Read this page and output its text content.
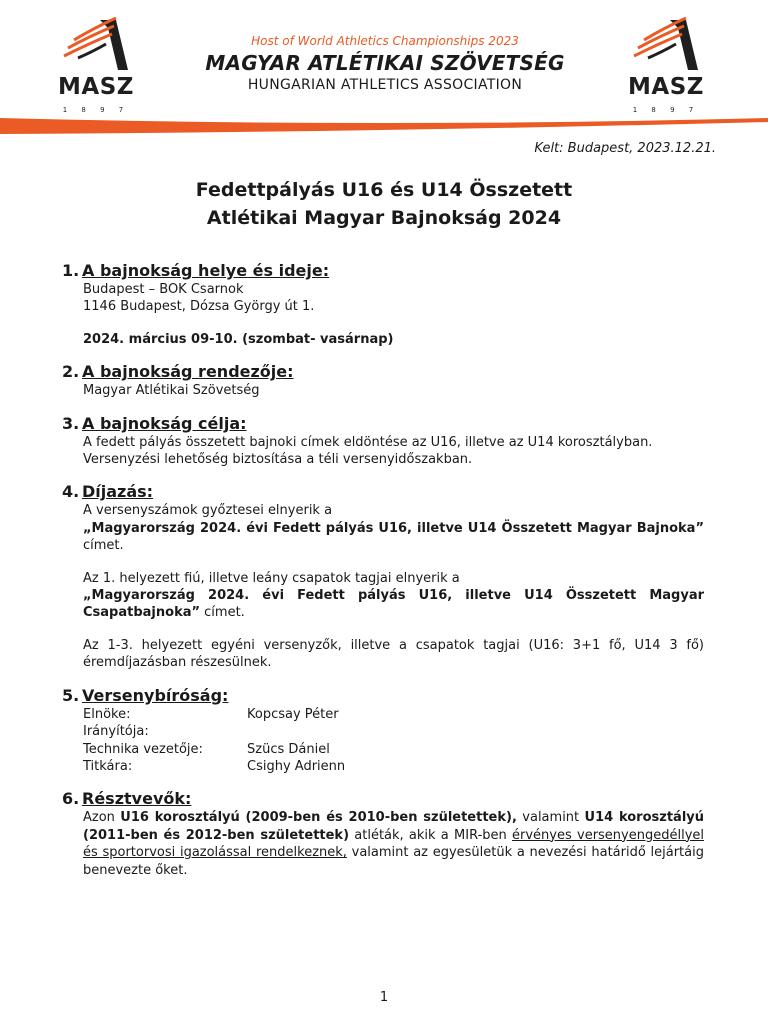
MASZ
1 8 9 7
MASZ
1 8 9 7
Host of World Athletics Championships 2023
MAGYAR ATLÉTIKAI SZÖVETSÉG
HUNGARIAN ATHLETICS ASSOCIATION
Kelt: Budapest, 2023.12.21.
Fedettpályás U16 és U14 Összetett
Atlétikai Magyar Bajnokság 2024
1. A bajnokság helye és ideje:
Budapest – BOK Csarnok
1146 Budapest, Dózsa György út 1.
2024. március 09-10. (szombat- vasárnap)
2. A bajnokság rendezője:
Magyar Atlétikai Szövetség
3. A bajnokság célja:
A fedett pályás összetett bajnoki címek eldöntése az U16, illetve az U14 korosztályban.
Versenyzési lehetőség biztosítása a téli versenyidőszakban.
4. Díjazás:
A versenyszámok győztesei elnyerik a
„Magyarország 2024. évi Fedett pályás U16, illetve U14 Összetett Magyar Bajnoka” címet.
Az 1. helyezett fiú, illetve leány csapatok tagjai elnyerik a
„Magyarország 2024. évi Fedett pályás U16, illetve U14 Összetett Magyar Csapatbajnoka” címet.
Az 1-3. helyezett egyéni versenyzők, illetve a csapatok tagjai (U16: 3+1 fő, U14 3 fő) éremdíjazásban részesülnek.
5. Versenybíróság:
Elnöke:	Kopcsay Péter
Irányítója:
Technika vezetője:	Szücs Dániel
Titkára:	Csighy Adrienn
6. Résztvevők:
Azon U16 korosztályú (2009-ben és 2010-ben születettek), valamint U14 korosztályú (2011-ben és 2012-ben születettek) atléták, akik a MIR-ben érvényes versenyengedéllyel és sportorvosi igazolással rendelkeznek, valamint az egyesületük a nevezési határidő lejártáig benevezte őket.
1
